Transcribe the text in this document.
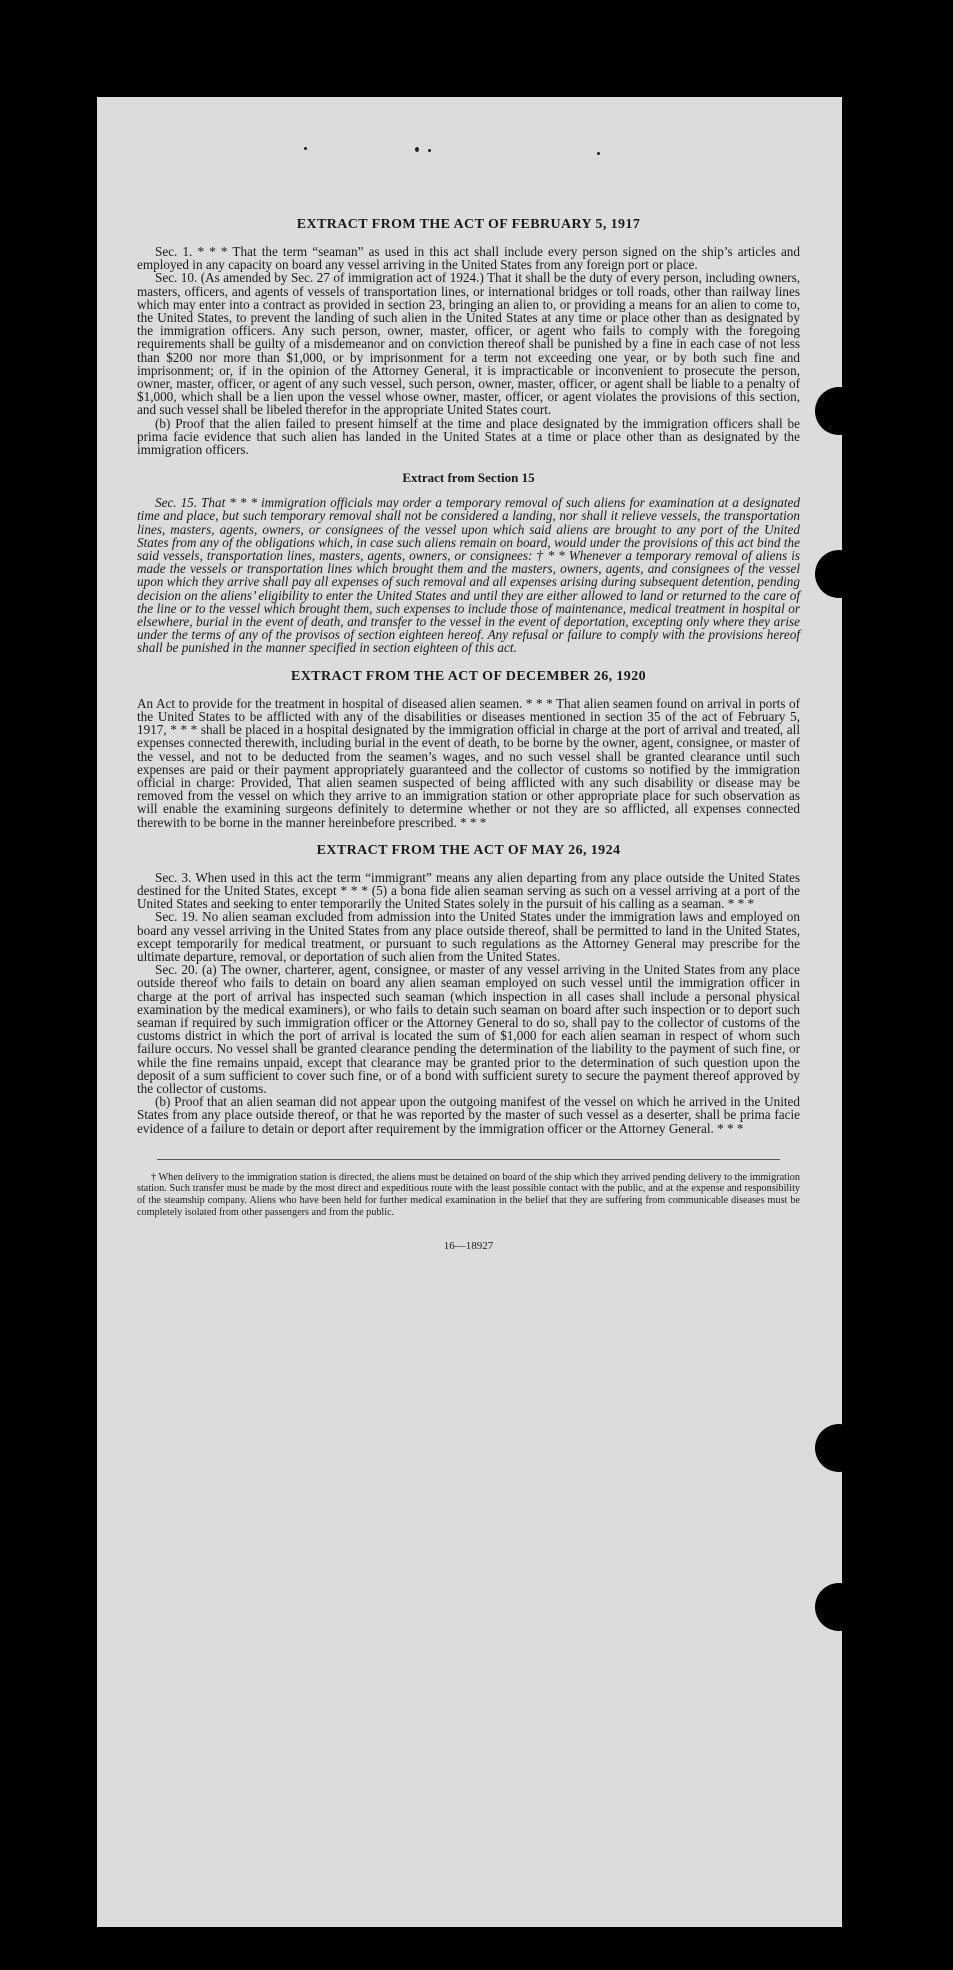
EXTRACT FROM THE ACT OF FEBRUARY 5, 1917

Sec. 1. * * * That the term “seaman” as used in this act shall include every person signed on the ship’s articles and employed in any capacity on board any vessel arriving in the United States from any foreign port or place.

Sec. 10. (As amended by Sec. 27 of immigration act of 1924.) That it shall be the duty of every person, including owners, masters, officers, and agents of vessels of transportation lines, or international bridges or toll roads, other than railway lines which may enter into a contract as provided in section 23, bringing an alien to, or providing a means for an alien to come to, the United States, to prevent the landing of such alien in the United States at any time or place other than as designated by the immigration officers. Any such person, owner, master, officer, or agent who fails to comply with the foregoing requirements shall be guilty of a misdemeanor and on conviction thereof shall be punished by a fine in each case of not less than $200 nor more than $1,000, or by imprisonment for a term not exceeding one year, or by both such fine and imprisonment; or, if in the opinion of the Attorney General, it is impracticable or inconvenient to prosecute the person, owner, master, officer, or agent of any such vessel, such person, owner, master, officer, or agent shall be liable to a penalty of $1,000, which shall be a lien upon the vessel whose owner, master, officer, or agent violates the provisions of this section, and such vessel shall be libeled therefor in the appropriate United States court.

(b) Proof that the alien failed to present himself at the time and place designated by the immigration officers shall be prima facie evidence that such alien has landed in the United States at a time or place other than as designated by the immigration officers.

Extract from Section 15

Sec. 15. That * * * immigration officials may order a temporary removal of such aliens for examination at a designated time and place, but such temporary removal shall not be considered a landing, nor shall it relieve vessels, the transportation lines, masters, agents, owners, or consignees of the vessel upon which said aliens are brought to any port of the United States from any of the obligations which, in case such aliens remain on board, would under the provisions of this act bind the said vessels, transportation lines, masters, agents, owners, or consignees: † * * Whenever a temporary removal of aliens is made the vessels or transportation lines which brought them and the masters, owners, agents, and consignees of the vessel upon which they arrive shall pay all expenses of such removal and all expenses arising during subsequent detention, pending decision on the aliens’ eligibility to enter the United States and until they are either allowed to land or returned to the care of the line or to the vessel which brought them, such expenses to include those of maintenance, medical treatment in hospital or elsewhere, burial in the event of death, and transfer to the vessel in the event of deportation, excepting only where they arise under the terms of any of the provisos of section eighteen hereof. Any refusal or failure to comply with the provisions hereof shall be punished in the manner specified in section eighteen of this act.

EXTRACT FROM THE ACT OF DECEMBER 26, 1920

An Act to provide for the treatment in hospital of diseased alien seamen. * * * That alien seamen found on arrival in ports of the United States to be afflicted with any of the disabilities or diseases mentioned in section 35 of the act of February 5, 1917, * * * shall be placed in a hospital designated by the immigration official in charge at the port of arrival and treated, all expenses connected therewith, including burial in the event of death, to be borne by the owner, agent, consignee, or master of the vessel, and not to be deducted from the seamen’s wages, and no such vessel shall be granted clearance until such expenses are paid or their payment appropriately guaranteed and the collector of customs so notified by the immigration official in charge: Provided, That alien seamen suspected of being afflicted with any such disability or disease may be removed from the vessel on which they arrive to an immigration station or other appropriate place for such observation as will enable the examining surgeons definitely to determine whether or not they are so afflicted, all expenses connected therewith to be borne in the manner hereinbefore prescribed. * * *

EXTRACT FROM THE ACT OF MAY 26, 1924

Sec. 3. When used in this act the term “immigrant” means any alien departing from any place outside the United States destined for the United States, except * * * (5) a bona fide alien seaman serving as such on a vessel arriving at a port of the United States and seeking to enter temporarily the United States solely in the pursuit of his calling as a seaman. * * *

Sec. 19. No alien seaman excluded from admission into the United States under the immigration laws and employed on board any vessel arriving in the United States from any place outside thereof, shall be permitted to land in the United States, except temporarily for medical treatment, or pursuant to such regulations as the Attorney General may prescribe for the ultimate departure, removal, or deportation of such alien from the United States.

Sec. 20. (a) The owner, charterer, agent, consignee, or master of any vessel arriving in the United States from any place outside thereof who fails to detain on board any alien seaman employed on such vessel until the immigration officer in charge at the port of arrival has inspected such seaman (which inspection in all cases shall include a personal physical examination by the medical examiners), or who fails to detain such seaman on board after such inspection or to deport such seaman if required by such immigration officer or the Attorney General to do so, shall pay to the collector of customs of the customs district in which the port of arrival is located the sum of $1,000 for each alien seaman in respect of whom such failure occurs. No vessel shall be granted clearance pending the determination of the liability to the payment of such fine, or while the fine remains unpaid, except that clearance may be granted prior to the determination of such question upon the deposit of a sum sufficient to cover such fine, or of a bond with sufficient surety to secure the payment thereof approved by the collector of customs.

(b) Proof that an alien seaman did not appear upon the outgoing manifest of the vessel on which he arrived in the United States from any place outside thereof, or that he was reported by the master of such vessel as a deserter, shall be prima facie evidence of a failure to detain or deport after requirement by the immigration officer or the Attorney General. * * *

† When delivery to the immigration station is directed, the aliens must be detained on board of the ship which they arrived pending delivery to the immigration station. Such transfer must be made by the most direct and expeditious route with the least possible contact with the public, and at the expense and responsibility of the steamship company. Aliens who have been held for further medical examination in the belief that they are suffering from communicable diseases must be completely isolated from other passengers and from the public.

16—18927
